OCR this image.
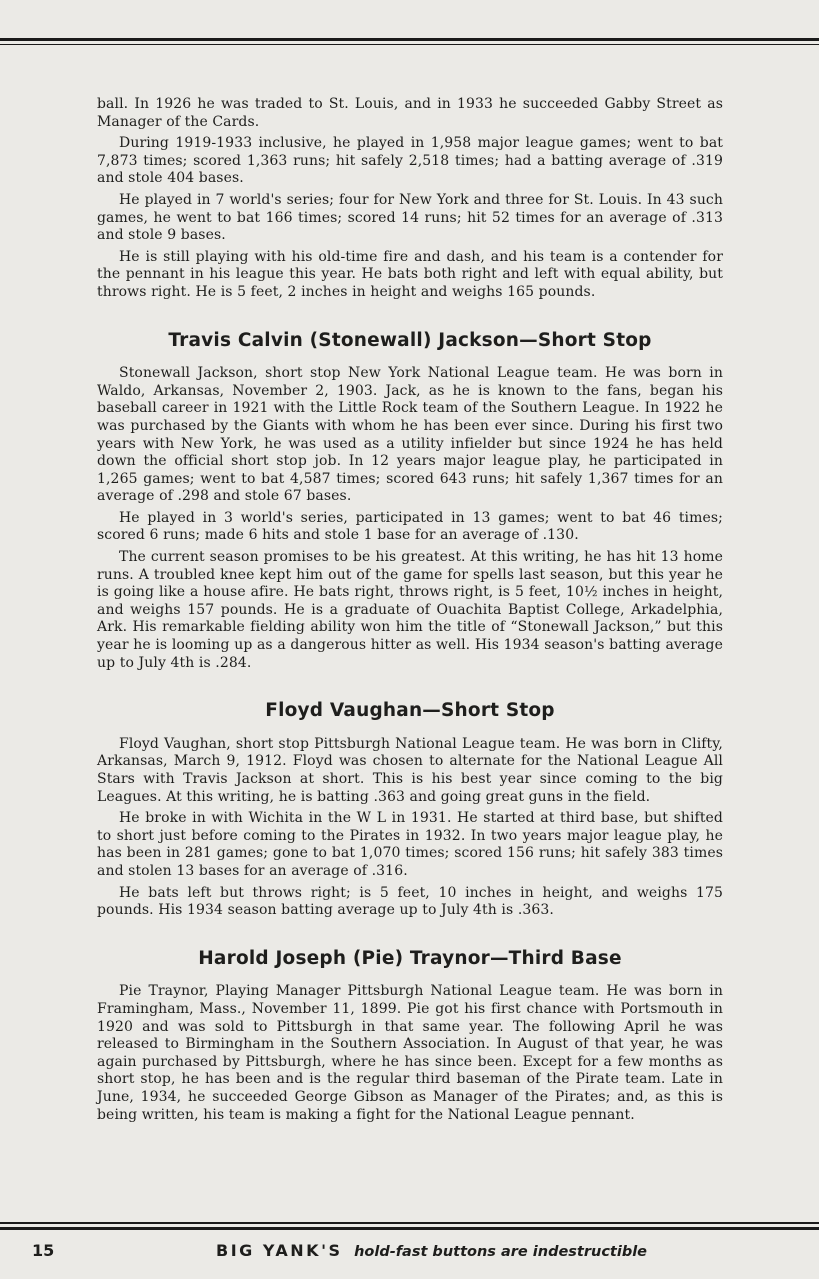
ball. In 1926 he was traded to St. Louis, and in 1933 he succeeded Gabby Street as Manager of the Cards.

During 1919-1933 inclusive, he played in 1,958 major league games; went to bat 7,873 times; scored 1,363 runs; hit safely 2,518 times; had a batting average of .319 and stole 404 bases.

He played in 7 world's series; four for New York and three for St. Louis. In 43 such games, he went to bat 166 times; scored 14 runs; hit 52 times for an average of .313 and stole 9 bases.

He is still playing with his old-time fire and dash, and his team is a contender for the pennant in his league this year. He bats both right and left with equal ability, but throws right. He is 5 feet, 2 inches in height and weighs 165 pounds.

Travis Calvin (Stonewall) Jackson—Short Stop

Stonewall Jackson, short stop New York National League team. He was born in Waldo, Arkansas, November 2, 1903. Jack, as he is known to the fans, began his baseball career in 1921 with the Little Rock team of the Southern League. In 1922 he was purchased by the Giants with whom he has been ever since. During his first two years with New York, he was used as a utility infielder but since 1924 he has held down the official short stop job. In 12 years major league play, he participated in 1,265 games; went to bat 4,587 times; scored 643 runs; hit safely 1,367 times for an average of .298 and stole 67 bases.

He played in 3 world's series, participated in 13 games; went to bat 46 times; scored 6 runs; made 6 hits and stole 1 base for an average of .130.

The current season promises to be his greatest. At this writing, he has hit 13 home runs. A troubled knee kept him out of the game for spells last season, but this year he is going like a house afire. He bats right, throws right, is 5 feet, 10½ inches in height, and weighs 157 pounds. He is a graduate of Ouachita Baptist College, Arkadelphia, Ark. His remarkable fielding ability won him the title of “Stonewall Jackson,” but this year he is looming up as a dangerous hitter as well. His 1934 season's batting average up to July 4th is .284.

Floyd Vaughan—Short Stop

Floyd Vaughan, short stop Pittsburgh National League team. He was born in Clifty, Arkansas, March 9, 1912. Floyd was chosen to alternate for the National League All Stars with Travis Jackson at short. This is his best year since coming to the big Leagues. At this writing, he is batting .363 and going great guns in the field.

He broke in with Wichita in the W L in 1931. He started at third base, but shifted to short just before coming to the Pirates in 1932. In two years major league play, he has been in 281 games; gone to bat 1,070 times; scored 156 runs; hit safely 383 times and stolen 13 bases for an average of .316.

He bats left but throws right; is 5 feet, 10 inches in height, and weighs 175 pounds. His 1934 season batting average up to July 4th is .363.

Harold Joseph (Pie) Traynor—Third Base

Pie Traynor, Playing Manager Pittsburgh National League team. He was born in Framingham, Mass., November 11, 1899. Pie got his first chance with Portsmouth in 1920 and was sold to Pittsburgh in that same year. The following April he was released to Birmingham in the Southern Association. In August of that year, he was again purchased by Pittsburgh, where he has since been. Except for a few months as short stop, he has been and is the regular third baseman of the Pirate team. Late in June, 1934, he succeeded George Gibson as Manager of the Pirates; and, as this is being written, his team is making a fight for the National League pennant.

15	BIG YANK'S hold-fast buttons are indestructible
